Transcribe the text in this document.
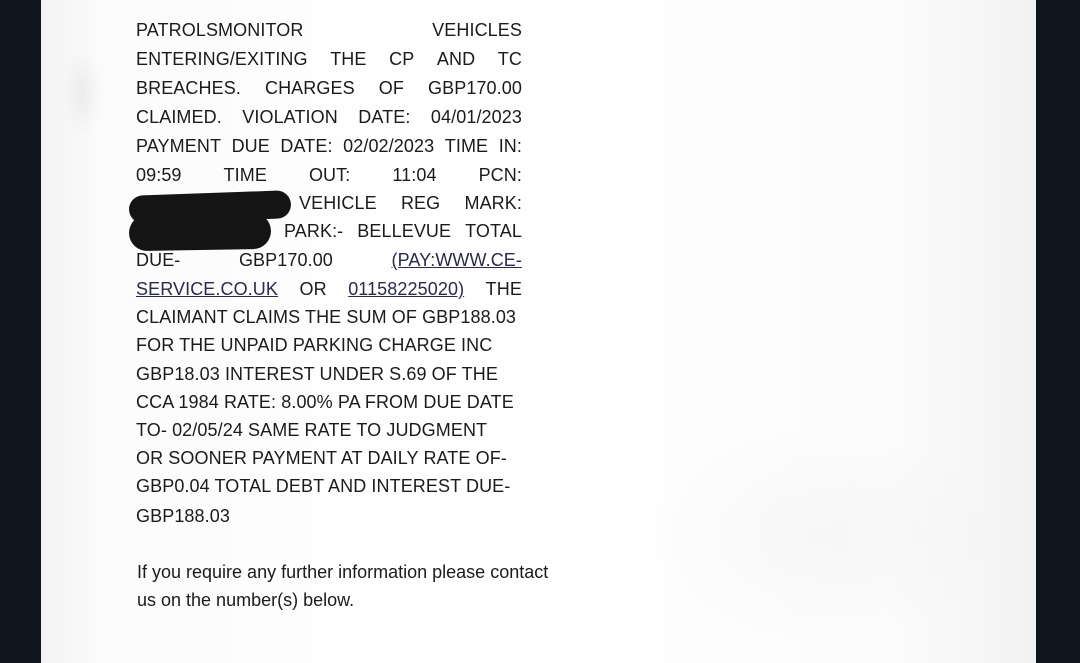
PATROLSMONITOR	VEHICLES
ENTERING/EXITING THE CP AND TC
BREACHES. CHARGES OF GBP170.00
CLAIMED. VIOLATION DATE: 04/01/2023
PAYMENT DUE DATE: 02/02/2023 TIME IN:
09:59 TIME OUT: 11:04 PCN:
VEHICLE REG MARK:
PARK:- BELLEVUE TOTAL
DUE-	GBP170.00	(PAY:WWW.CE-
SERVICE.CO.UK OR 01158225020) THE
CLAIMANT CLAIMS THE SUM OF GBP188.03
FOR THE UNPAID PARKING CHARGE INC
GBP18.03 INTEREST UNDER S.69 OF THE
CCA 1984 RATE: 8.00% PA FROM DUE DATE
TO- 02/05/24 SAME RATE TO JUDGMENT
OR SOONER PAYMENT AT DAILY RATE OF-
GBP0.04 TOTAL DEBT AND INTEREST DUE-
GBP188.03
If you require any further information please contact us on the number(s) below.
